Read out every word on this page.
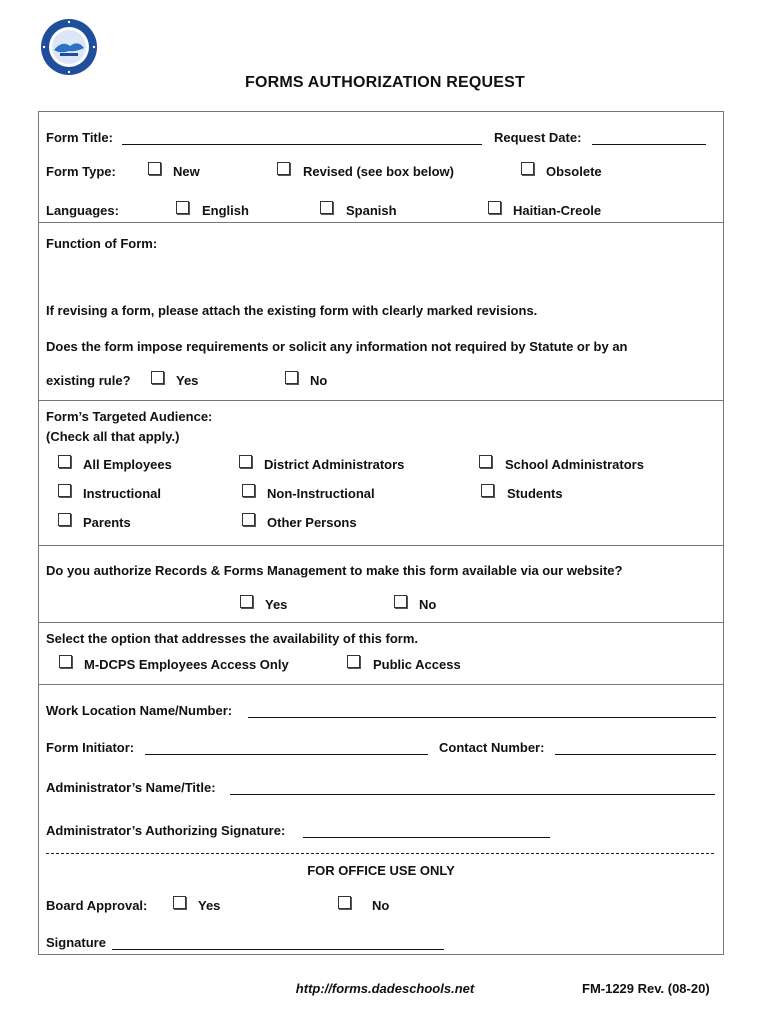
FORMS AUTHORIZATION REQUEST
Form Title:	Request Date:
Form Type:	New	Revised (see box below)	Obsolete
Languages:	English	Spanish	Haitian-Creole
Function of Form:
If revising a form, please attach the existing form with clearly marked revisions.
Does the form impose requirements or solicit any information not required by Statute or by an
existing rule?	Yes	No
Form’s Targeted Audience:
(Check all that apply.)
All Employees	District Administrators	School Administrators
Instructional	Non-Instructional	Students
Parents	Other Persons
Do you authorize Records & Forms Management to make this form available via our website?
Yes	No
Select the option that addresses the availability of this form.
M-DCPS Employees Access Only	Public Access
Work Location Name/Number:
Form Initiator:	Contact Number:
Administrator’s Name/Title:
Administrator’s Authorizing Signature:
FOR OFFICE USE ONLY
Board Approval:	Yes	No
Signature
http://forms.dadeschools.net	FM-1229 Rev. (08-20)
